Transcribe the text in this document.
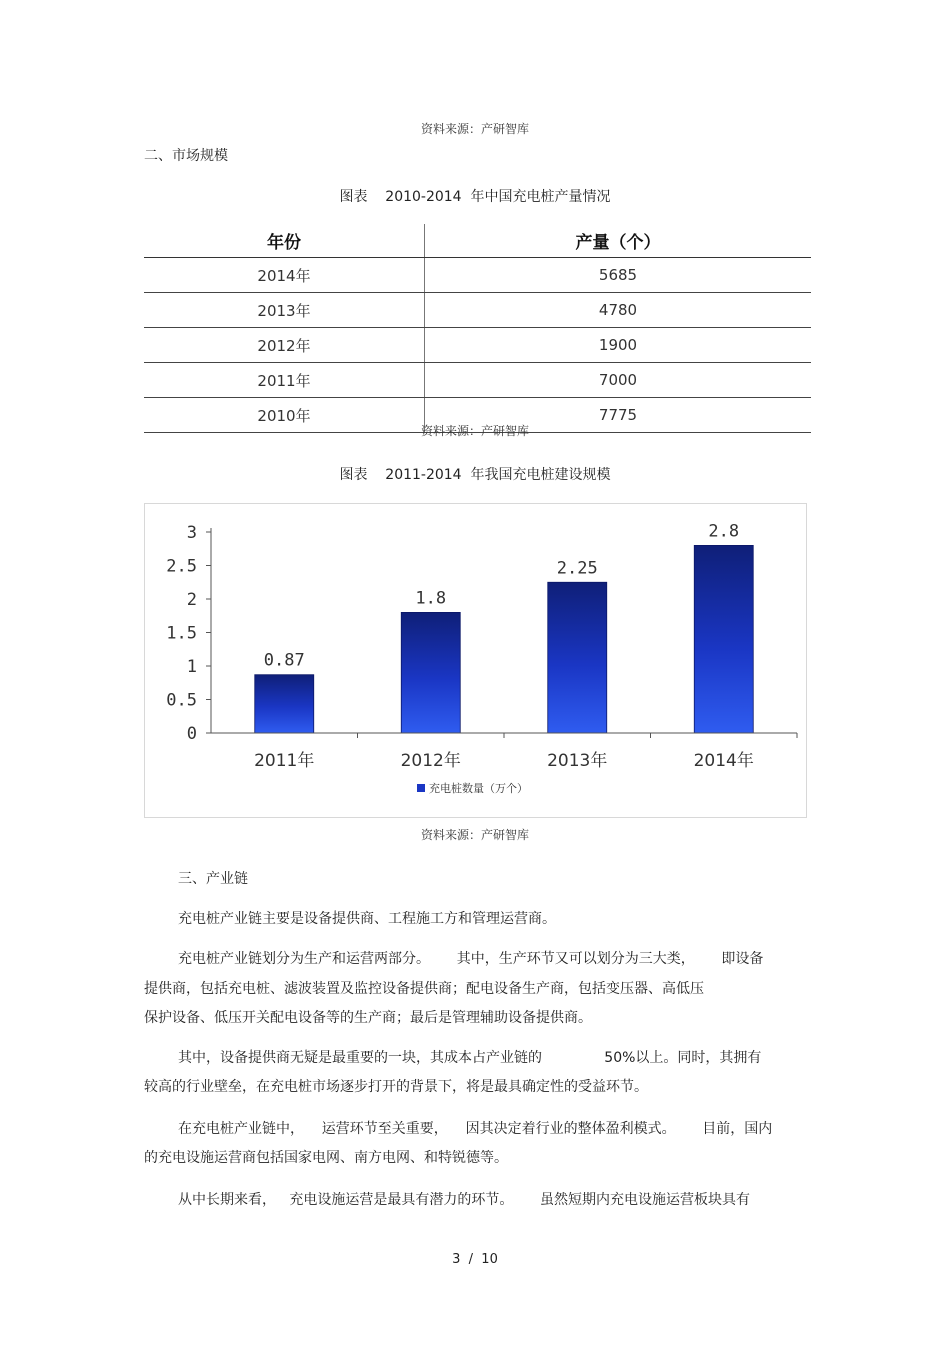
资料来源：产研智库
二、市场规模
图表    2010-2014  年中国充电桩产量情况
年份	产量（个）
2014年	5685
2013年	4780
2012年	1900
2011年	7000
2010年	7775
资料来源：产研智库
图表    2011-2014  年我国充电桩建设规模
0
0.5
1
1.5
2
2.5
3
0.87
1.8
2.25
2.8
2011年	2012年	2013年	2014年
充电桩数量（万个）
资料来源：产研智库
三、产业链
充电桩产业链主要是设备提供商、工程施工方和管理运营商。
充电桩产业链划分为生产和运营两部分。      其中，生产环节又可以划分为三大类，      即设备
提供商，包括充电桩、滤波装置及监控设备提供商；配电设备生产商，包括变压器、高低压
保护设备、低压开关配电设备等的生产商；最后是管理辅助设备提供商。
其中，设备提供商无疑是最重要的一块，其成本占产业链的              50%以上。同时，其拥有
较高的行业壁垒，在充电桩市场逐步打开的背景下，将是最具确定性的受益环节。
在充电桩产业链中，    运营环节至关重要，    因其决定着行业的整体盈利模式。      目前，国内
的充电设施运营商包括国家电网、南方电网、和特锐德等。
从中长期来看，   充电设施运营是最具有潜力的环节。      虽然短期内充电设施运营板块具有
3  /  10
